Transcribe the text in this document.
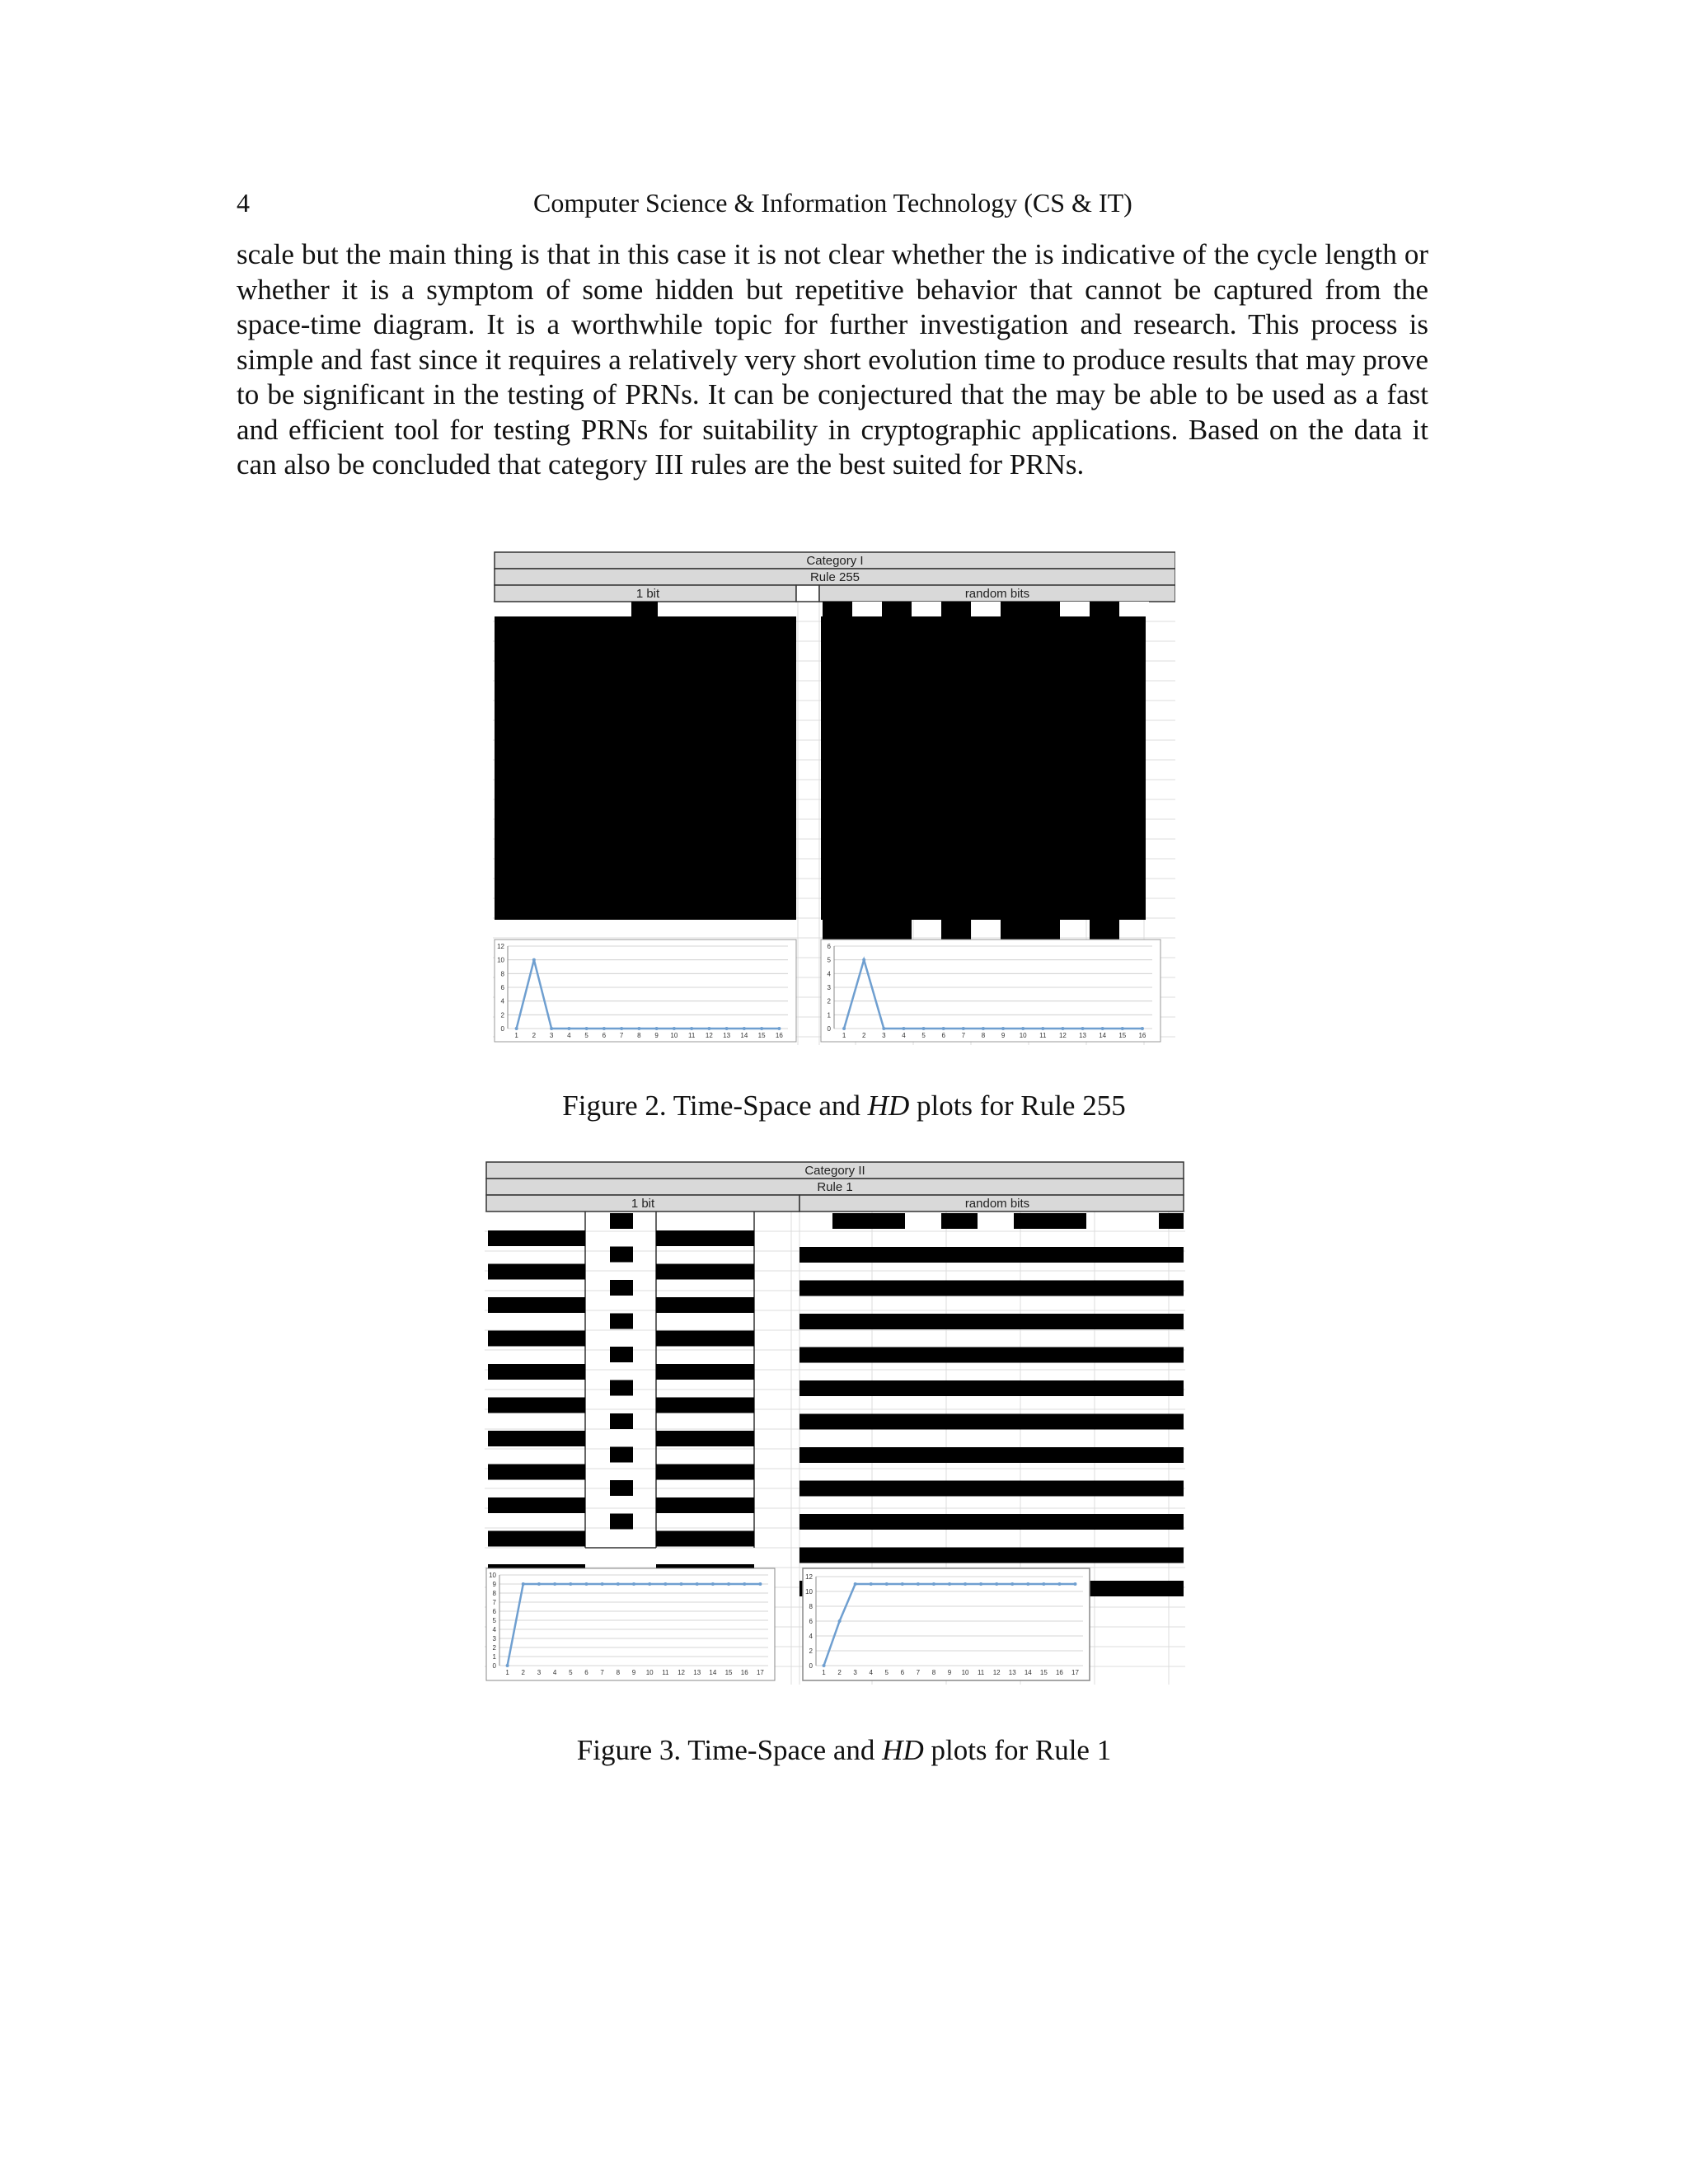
4	Computer Science & Information Technology (CS & IT)

scale but the main thing is that in this case it is not clear whether the is indicative of the cycle length or whether it is a symptom of some hidden but repetitive behavior that cannot be captured from the space-time diagram. It is a worthwhile topic for further investigation and research. This process is simple and fast since it requires a relatively very short evolution time to produce results that may prove to be significant in the testing of PRNs. It can be conjectured that the may be able to be used as a fast and efficient tool for testing PRNs for suitability in cryptographic applications. Based on the data it can also be concluded that category III rules are the best suited for PRNs.

Category I
Rule 255
1 bit	random bits
0
2
4
6
8
10
12
1 2 3 4 5 6 7 8 9 10 11 12 13 14 15 16
0
1
2
3
4
5
6
1 2 3 4 5 6 7 8 9 10 11 12 13 14 15 16
Figure 2. Time-Space and HD plots for Rule 255
Category II
Rule 1
1 bit	random bits
0
1
2
3
4
5
6
7
8
9
10
1 2 3 4 5 6 7 8 9 10 11 12 13 14 15 16 17
0
2
4
6
8
10
12
1 2 3 4 5 6 7 8 9 10 11 12 13 14 15 16 17
Figure 3. Time-Space and HD plots for Rule 1
